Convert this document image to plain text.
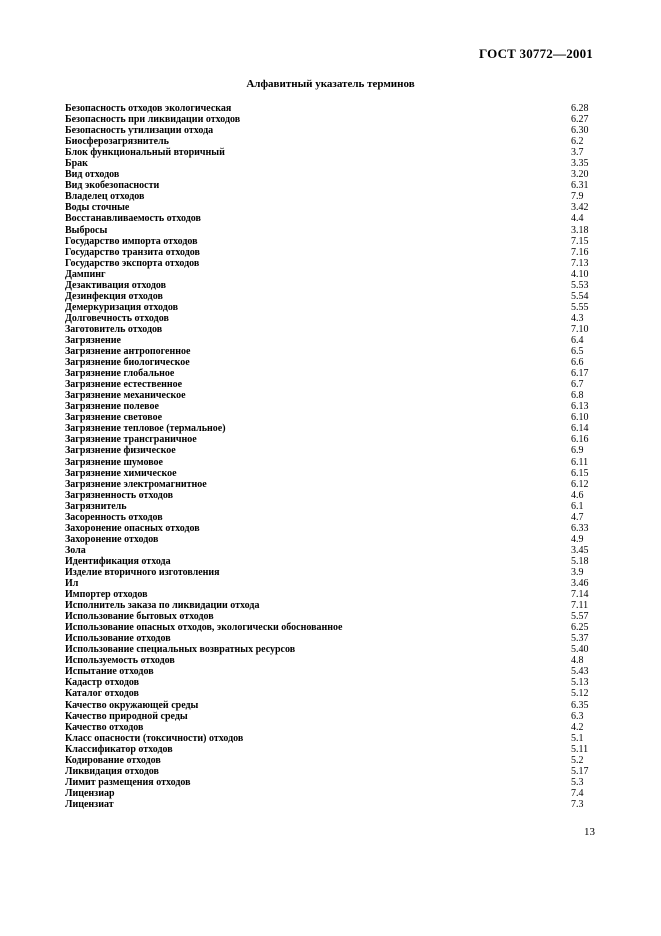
ГОСТ 30772—2001
Алфавитный указатель терминов
Безопасность отходов экологическая	6.28
Безопасность при ликвидации отходов	6.27
Безопасность утилизации отхода	6.30
Биосферозагрязнитель	6.2
Блок функциональный вторичный	3.7
Брак	3.35
Вид отходов	3.20
Вид экобезопасности	6.31
Владелец отходов	7.9
Воды сточные	3.42
Восстанавливаемость отходов	4.4
Выбросы	3.18
Государство импорта отходов	7.15
Государство транзита отходов	7.16
Государство экспорта отходов	7.13
Дампинг	4.10
Дезактивация отходов	5.53
Дезинфекция отходов	5.54
Демеркуризация отходов	5.55
Долговечность отходов	4.3
Заготовитель отходов	7.10
Загрязнение	6.4
Загрязнение антропогенное	6.5
Загрязнение биологическое	6.6
Загрязнение глобальное	6.17
Загрязнение естественное	6.7
Загрязнение механическое	6.8
Загрязнение полевое	6.13
Загрязнение световое	6.10
Загрязнение тепловое (термальное)	6.14
Загрязнение трансграничное	6.16
Загрязнение физическое	6.9
Загрязнение шумовое	6.11
Загрязнение химическое	6.15
Загрязнение электромагнитное	6.12
Загрязненность отходов	4.6
Загрязнитель	6.1
Засоренность отходов	4.7
Захоронение опасных отходов	6.33
Захоронение отходов	4.9
Зола	3.45
Идентификация отхода	5.18
Изделие вторичного изготовления	3.9
Ил	3.46
Импортер отходов	7.14
Исполнитель заказа по ликвидации отхода	7.11
Использование бытовых отходов	5.57
Использование опасных отходов, экологически обоснованное	6.25
Использование отходов	5.37
Использование специальных возвратных ресурсов	5.40
Используемость отходов	4.8
Испытание отходов	5.43
Кадастр отходов	5.13
Каталог отходов	5.12
Качество окружающей среды	6.35
Качество природной среды	6.3
Качество отходов	4.2
Класс опасности (токсичности) отходов	5.1
Классификатор отходов	5.11
Кодирование отходов	5.2
Ликвидация отходов	5.17
Лимит размещения отходов	5.3
Лицензиар	7.4
Лицензиат	7.3
13
